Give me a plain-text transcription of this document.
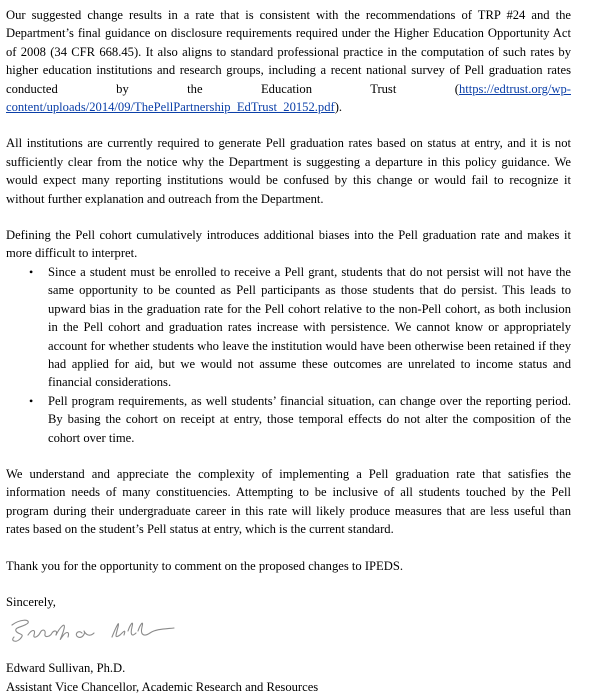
Our suggested change results in a rate that is consistent with the recommendations of TRP #24 and the Department’s final guidance on disclosure requirements required under the Higher Education Opportunity Act of 2008 (34 CFR 668.45). It also aligns to standard professional practice in the computation of such rates by higher education institutions and research groups, including a recent national survey of Pell graduation rates conducted by the Education Trust (https://edtrust.org/wp-content/uploads/2014/09/ThePellPartnership_EdTrust_20152.pdf).

All institutions are currently required to generate Pell graduation rates based on status at entry, and it is not sufficiently clear from the notice why the Department is suggesting a departure in this policy guidance. We would expect many reporting institutions would be confused by this change or would fail to recognize it without further explanation and outreach from the Department.

Defining the Pell cohort cumulatively introduces additional biases into the Pell graduation rate and makes it more difficult to interpret.

• Since a student must be enrolled to receive a Pell grant, students that do not persist will not have the same opportunity to be counted as Pell participants as those students that do persist. This leads to upward bias in the graduation rate for the Pell cohort relative to the non-Pell cohort, as both inclusion in the Pell cohort and graduation rates increase with persistence. We cannot know or appropriately account for whether students who leave the institution would have been otherwise been retained if they had applied for aid, but we would not assume these outcomes are unrelated to income status and financial considerations.
• Pell program requirements, as well students’ financial situation, can change over the reporting period. By basing the cohort on receipt at entry, those temporal effects do not alter the composition of the cohort over time.

We understand and appreciate the complexity of implementing a Pell graduation rate that satisfies the information needs of many constituencies. Attempting to be inclusive of all students touched by the Pell program during their undergraduate career in this rate will likely produce measures that are less useful than rates based on the student’s Pell status at entry, which is the current standard.

Thank you for the opportunity to comment on the proposed changes to IPEDS.

Sincerely,

Edward Sullivan, Ph.D.

Assistant Vice Chancellor, Academic Research and Resources
